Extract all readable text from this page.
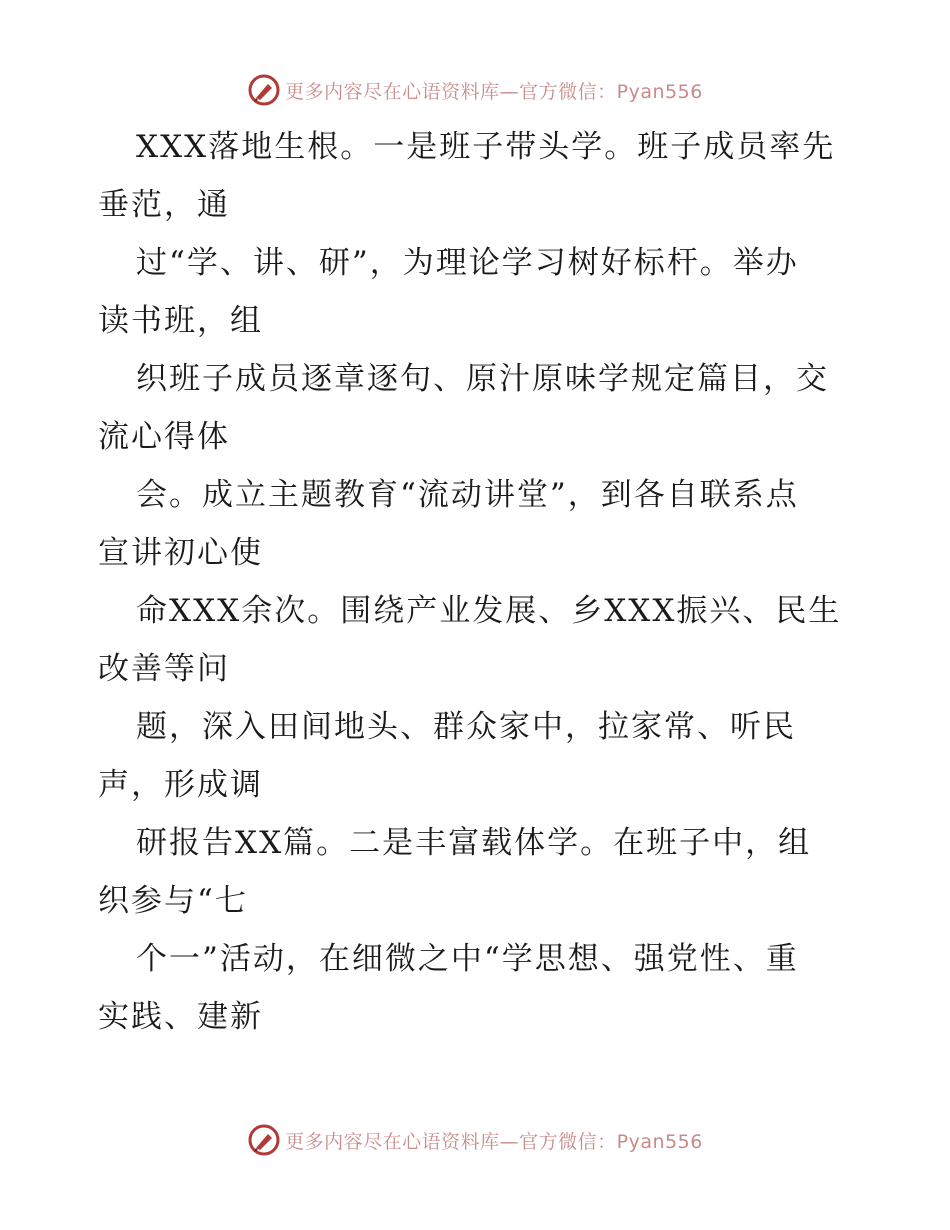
更多内容尽在心语资料库—官方微信：Pyan556
XXX落地生根。一是班子带头学。班子成员率先
垂范，通
过“学、讲、研”，为理论学习树好标杆。举办
读书班，组
织班子成员逐章逐句、原汁原味学规定篇目，交
流心得体
会。成立主题教育“流动讲堂”，到各自联系点
宣讲初心使
命XXX余次。围绕产业发展、乡XXX振兴、民生
改善等问
题，深入田间地头、群众家中，拉家常、听民
声，形成调
研报告XX篇。二是丰富载体学。在班子中，组
织参与“七
个一”活动，在细微之中“学思想、强党性、重
实践、建新
更多内容尽在心语资料库—官方微信：Pyan556
